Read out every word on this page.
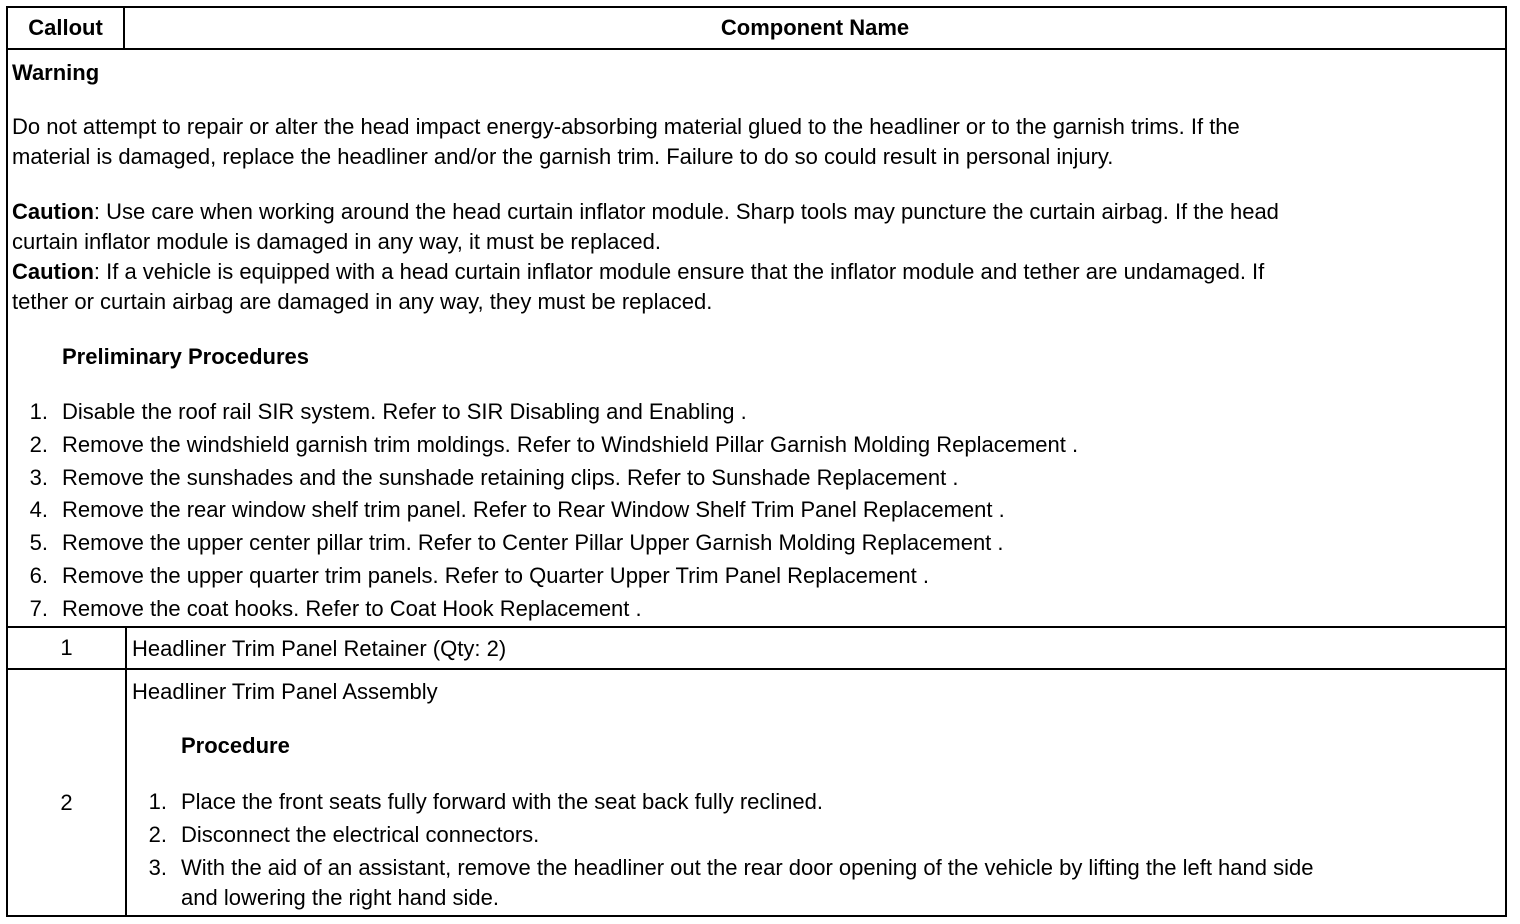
Callout	Component Name
Warning
Do not attempt to repair or alter the head impact energy-absorbing material glued to the headliner or to the garnish trims. If the
material is damaged, replace the headliner and/or the garnish trim. Failure to do so could result in personal injury.
Caution: Use care when working around the head curtain inflator module. Sharp tools may puncture the curtain airbag. If the head
curtain inflator module is damaged in any way, it must be replaced.
Caution: If a vehicle is equipped with a head curtain inflator module ensure that the inflator module and tether are undamaged. If
tether or curtain airbag are damaged in any way, they must be replaced.
Preliminary Procedures
1. Disable the roof rail SIR system. Refer to SIR Disabling and Enabling .
2. Remove the windshield garnish trim moldings. Refer to Windshield Pillar Garnish Molding Replacement .
3. Remove the sunshades and the sunshade retaining clips. Refer to Sunshade Replacement .
4. Remove the rear window shelf trim panel. Refer to Rear Window Shelf Trim Panel Replacement .
5. Remove the upper center pillar trim. Refer to Center Pillar Upper Garnish Molding Replacement .
6. Remove the upper quarter trim panels. Refer to Quarter Upper Trim Panel Replacement .
7. Remove the coat hooks. Refer to Coat Hook Replacement .
1	Headliner Trim Panel Retainer (Qty: 2)
2
Headliner Trim Panel Assembly
Procedure
1. Place the front seats fully forward with the seat back fully reclined.
2. Disconnect the electrical connectors.
3. With the aid of an assistant, remove the headliner out the rear door opening of the vehicle by lifting the left hand side
and lowering the right hand side.
